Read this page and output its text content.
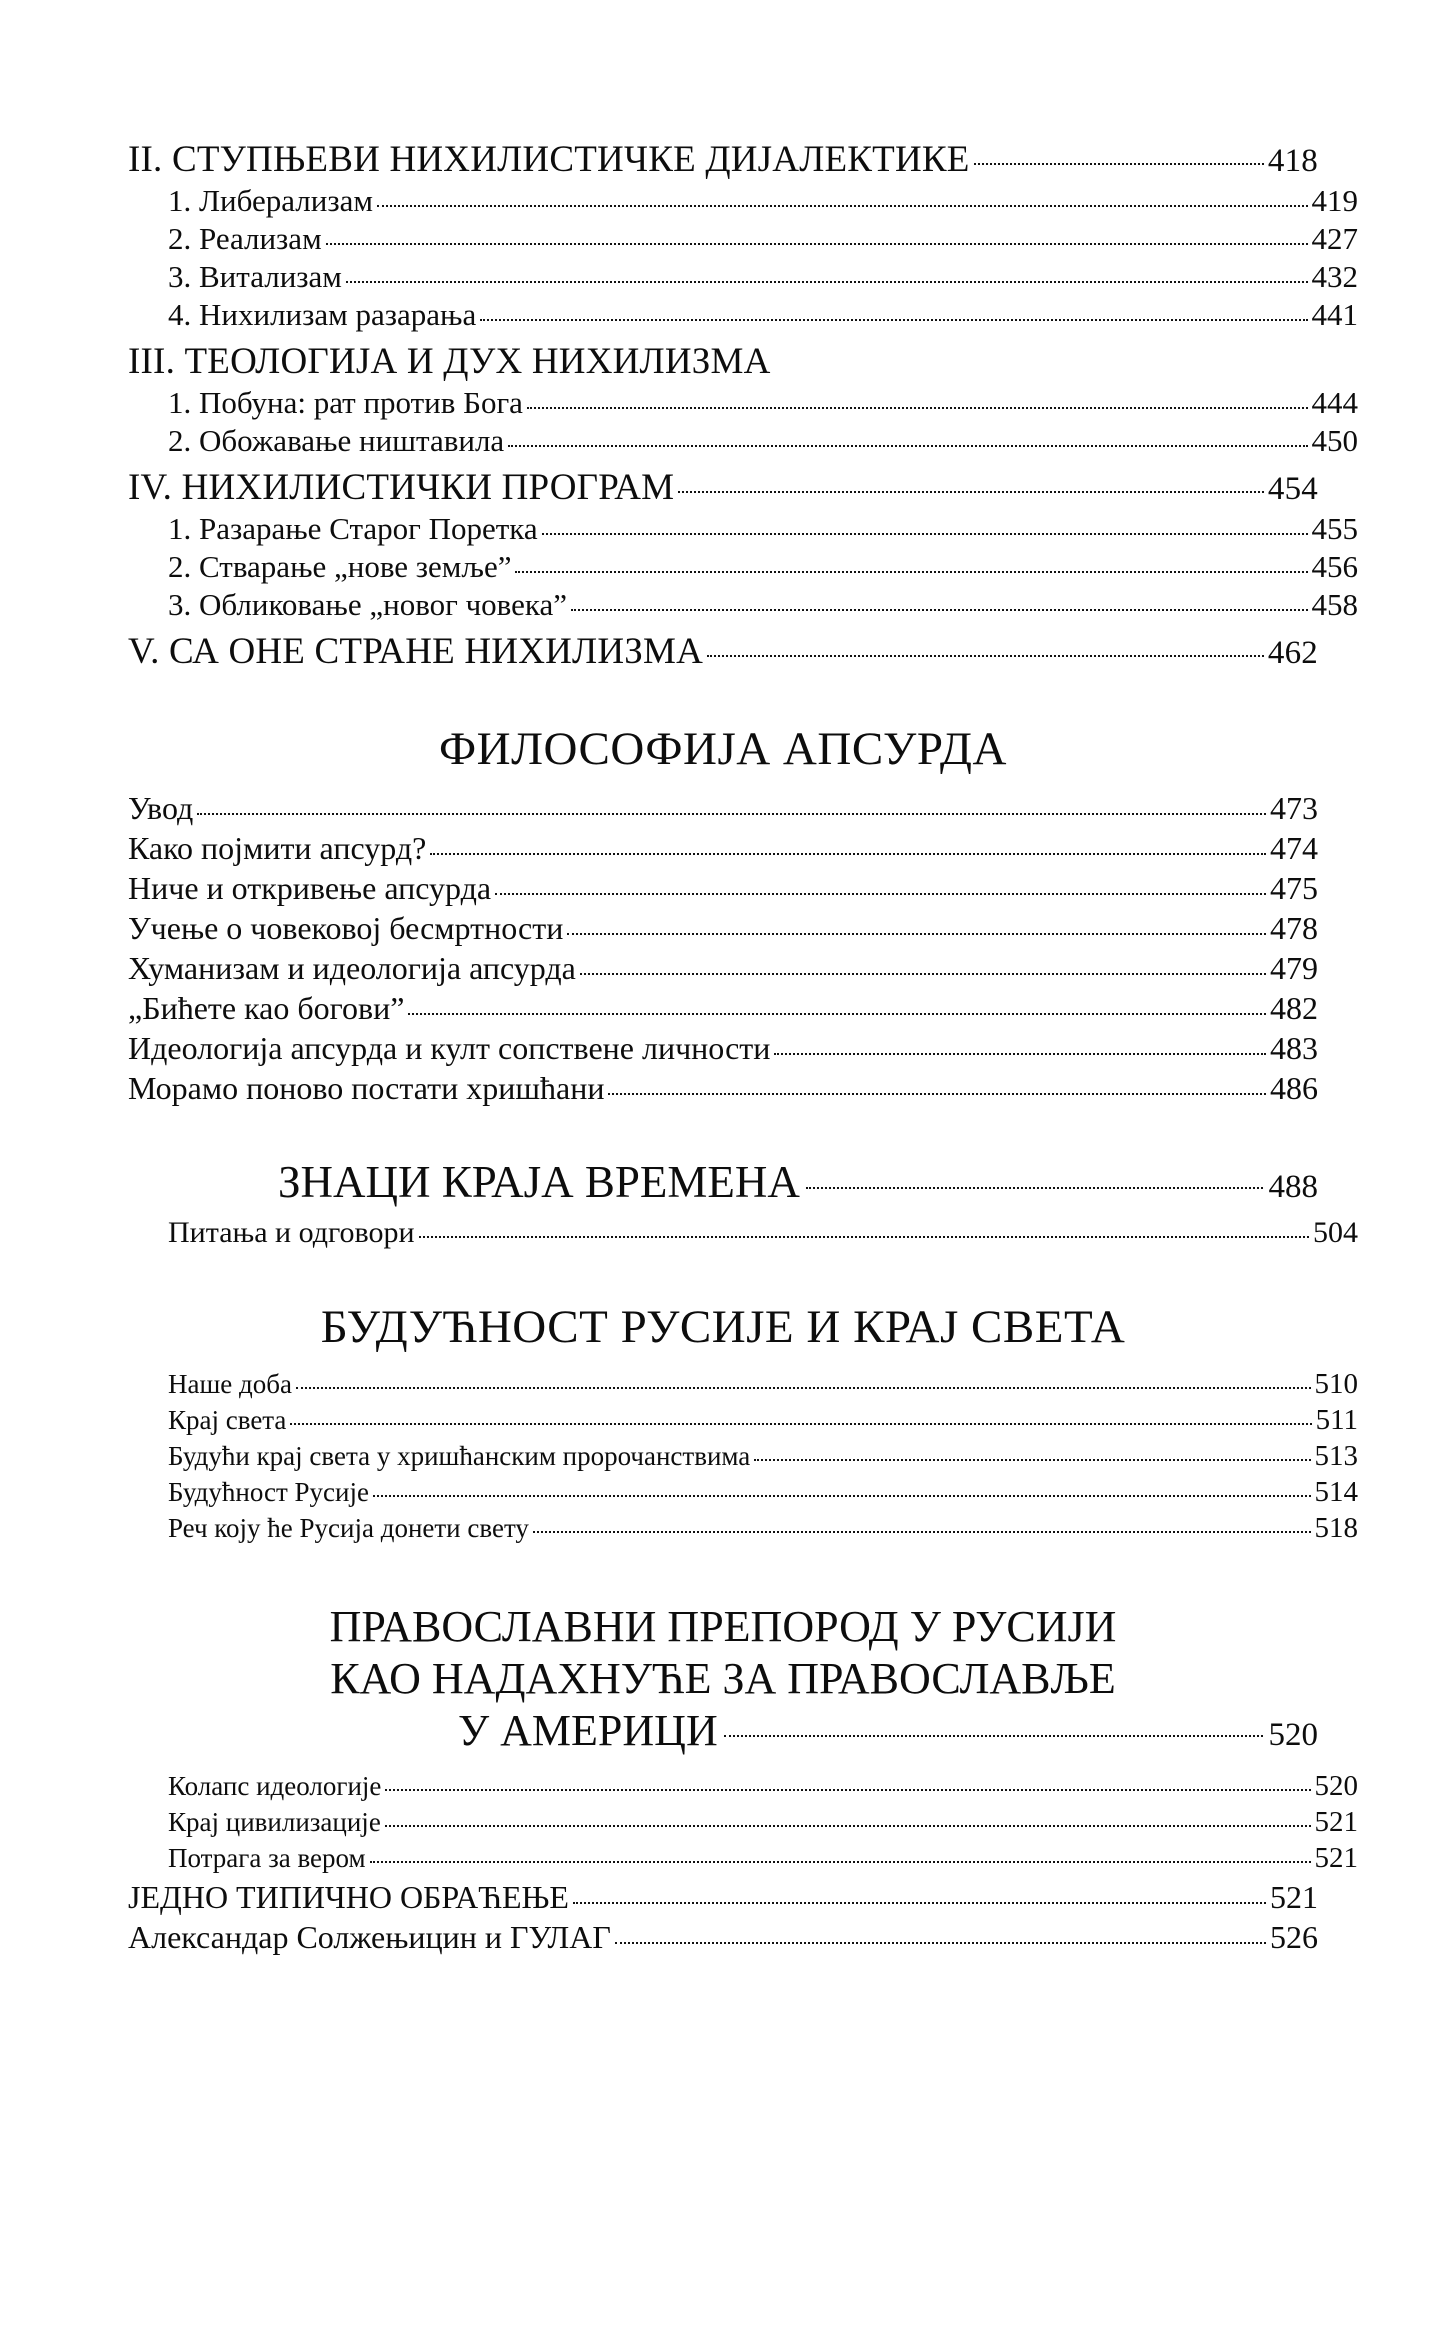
II. СТУПЊЕВИ НИХИЛИСТИЧКЕ ДИЈАЛЕКТИКЕ	418
1. Либерализам	419
2. Реализам	427
3. Витализам	432
4. Нихилизам разарања	441
III. ТЕОЛОГИЈА И ДУХ НИХИЛИЗМА
1. Побуна: рат против Бога	444
2. Обожавање ништавила	450
IV. НИХИЛИСТИЧКИ ПРОГРАМ	454
1. Разарање Старог Поретка	455
2. Стварање „нове земље”	456
3. Обликовање „новог човека”	458
V. СА ОНЕ СТРАНЕ НИХИЛИЗМА	462
ФИЛОСОФИЈА АПСУРДА
Увод	473
Како појмити апсурд?	474
Ниче и откривење апсурда	475
Учење о човековој бесмртности	478
Хуманизам и идеологија апсурда	479
„Бићете као богови”	482
Идеологија апсурда и култ сопствене личности	483
Морамо поново постати хришћани	486
ЗНАЦИ КРАЈА ВРЕМЕНА	488
Питања и одговори	504
БУДУЋНОСТ РУСИЈЕ И КРАЈ СВЕТА
Наше доба	510
Крај света	511
Будући крај света у хришћанским пророчанствима	513
Будућност Русије	514
Реч коју ће Русија донети свету	518
ПРАВОСЛАВНИ ПРЕПОРОД У РУСИЈИ
КАО НАДАХНУЋЕ ЗА ПРАВОСЛАВЉЕ
У АМЕРИЦИ	520
Колапс идеологије	520
Крај цивилизације	521
Потрага за вером	521
ЈЕДНО ТИПИЧНО ОБРАЋЕЊЕ	521
Александар Солжењицин и ГУЛАГ	526
